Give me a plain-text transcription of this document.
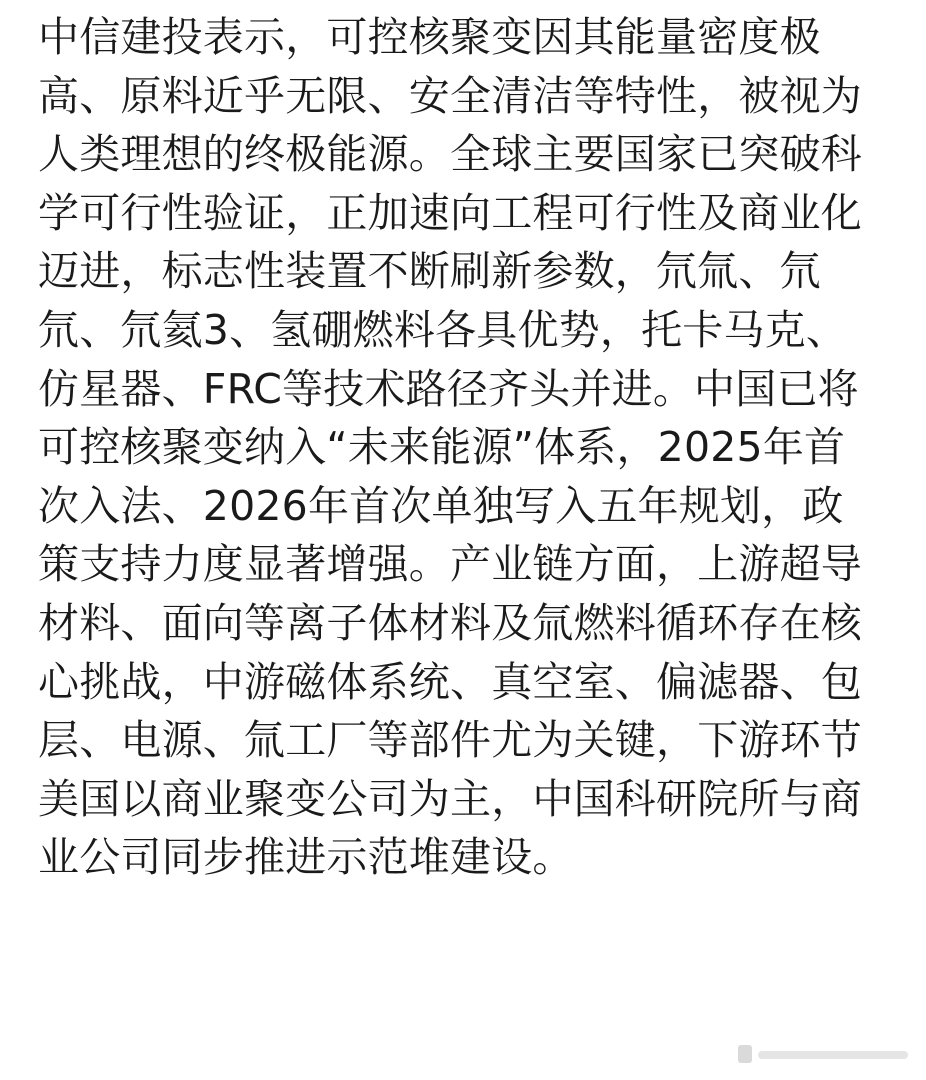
中信建投表示，可控核聚变因其能量密度极
高、原料近乎无限、安全清洁等特性，被视为
人类理想的终极能源。全球主要国家已突破科
学可行性验证，正加速向工程可行性及商业化
迈进，标志性装置不断刷新参数，氘氚、氘
氘、氘氦3、氢硼燃料各具优势，托卡马克、
仿星器、FRC等技术路径齐头并进。中国已将
可控核聚变纳入“未来能源”体系，2025年首
次入法、2026年首次单独写入五年规划，政
策支持力度显著增强。产业链方面，上游超导
材料、面向等离子体材料及氚燃料循环存在核
心挑战，中游磁体系统、真空室、偏滤器、包
层、电源、氚工厂等部件尤为关键，下游环节
美国以商业聚变公司为主，中国科研院所与商
业公司同步推进示范堆建设。
